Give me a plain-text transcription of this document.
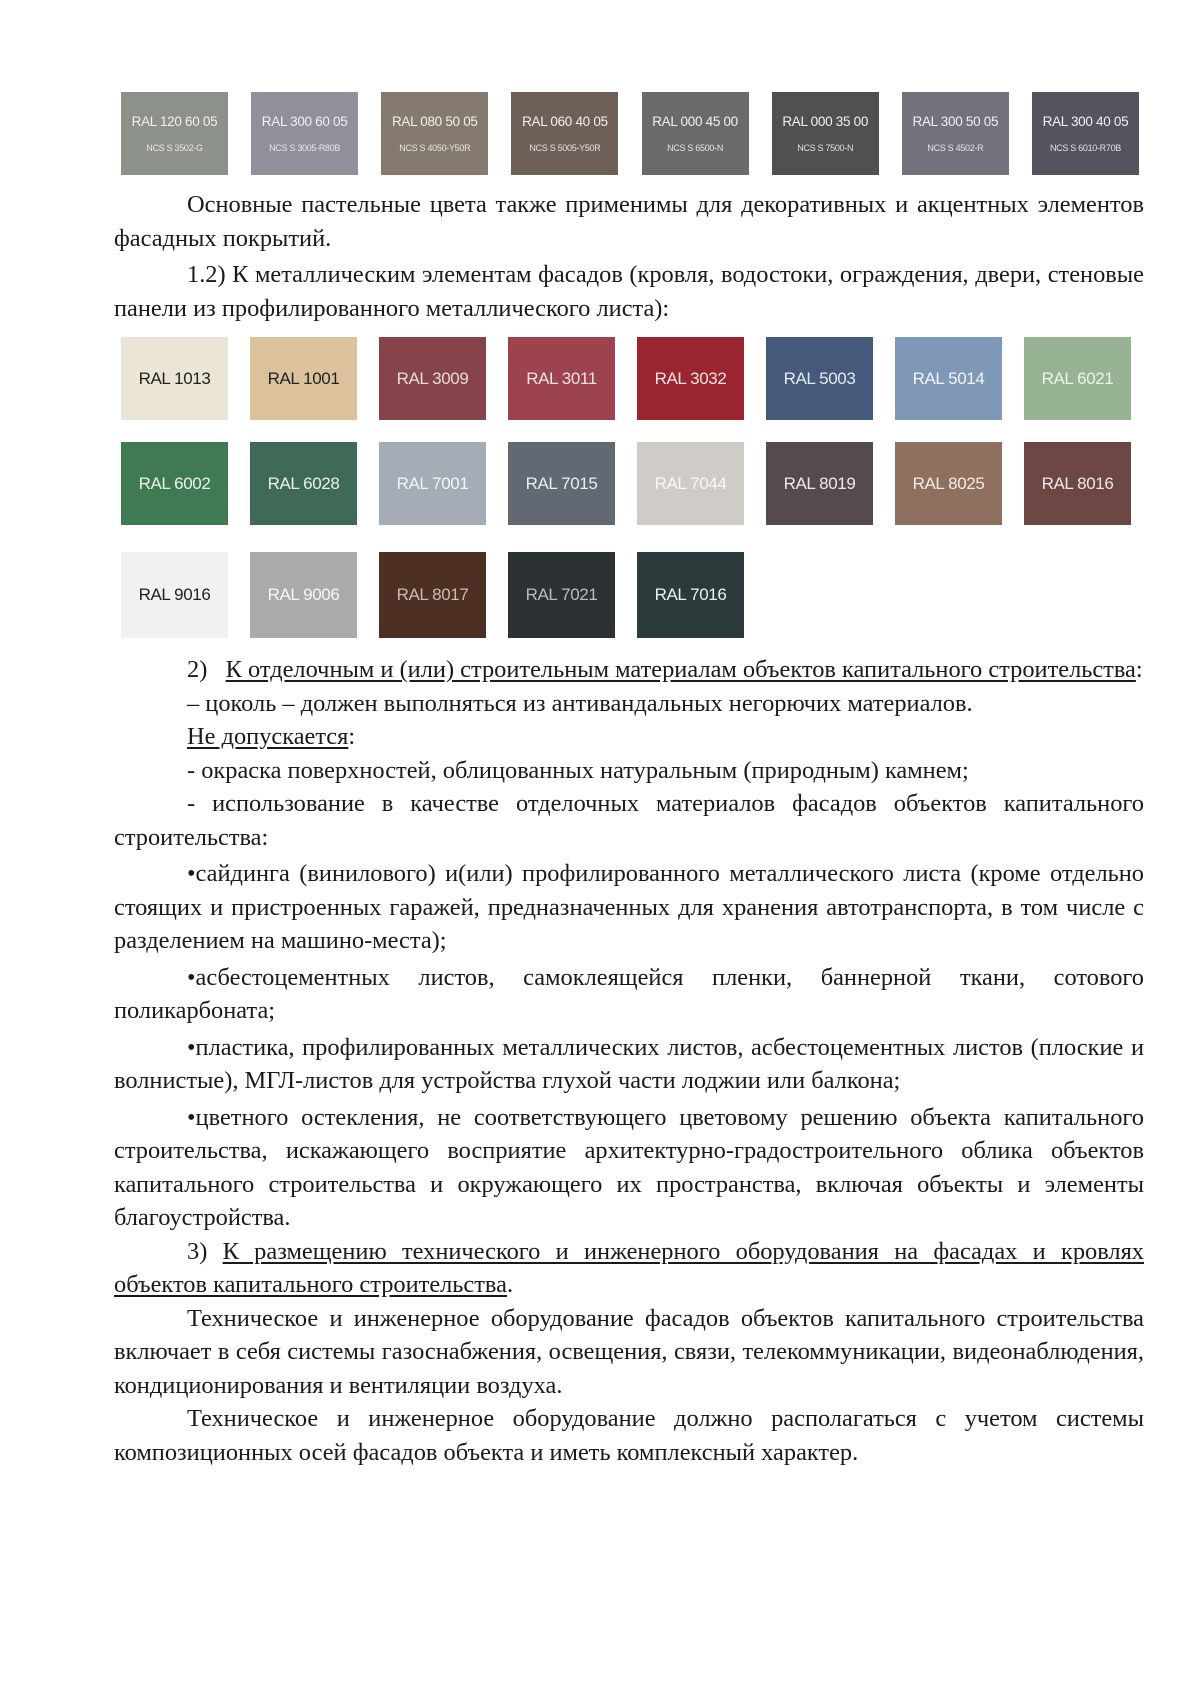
RAL 120 60 05
NCS S 3502-G
RAL 300 60 05
NCS S 3005-R80B
RAL 080 50 05
NCS S 4050-Y50R
RAL 060 40 05
NCS S 5005-Y50R
RAL 000 45 00
NCS S 6500-N
RAL 000 35 00
NCS S 7500-N
RAL 300 50 05
NCS S 4502-R
RAL 300 40 05
NCS S 6010-R70B

Основные пастельные цвета также применимы для декоративных и акцентных элементов фасадных покрытий.

1.2) К металлическим элементам фасадов (кровля, водостоки, ограждения, двери, стеновые панели из профилированного металлического листа):

RAL 1013	RAL 1001	RAL 3009	RAL 3011	RAL 3032	RAL 5003	RAL 5014	RAL 6021
RAL 6002	RAL 6028	RAL 7001	RAL 7015	RAL 7044	RAL 8019	RAL 8025	RAL 8016
RAL 9016	RAL 9006	RAL 8017	RAL 7021	RAL 7016

2) К отделочным и (или) строительным материалам объектов капитального строительства:

– цоколь – должен выполняться из антивандальных негорючих материалов.

Не допускается:

- окраска поверхностей, облицованных натуральным (природным) камнем;

- использование в качестве отделочных материалов фасадов объектов капитального строительства:

•сайдинга (винилового) и(или) профилированного металлического листа (кроме отдельно стоящих и пристроенных гаражей, предназначенных для хранения автотранспорта, в том числе с разделением на машино-места);

•асбестоцементных листов, самоклеящейся пленки, баннерной ткани, сотового поликарбоната;

•пластика, профилированных металлических листов, асбестоцементных листов (плоские и волнистые), МГЛ-листов для устройства глухой части лоджии или балкона;

•цветного остекления, не соответствующего цветовому решению объекта капитального строительства, искажающего восприятие архитектурно-градостроительного облика объектов капитального строительства и окружающего их пространства, включая объекты и элементы благоустройства.

3) К размещению технического и инженерного оборудования на фасадах и кровлях объектов капитального строительства.

Техническое и инженерное оборудование фасадов объектов капитального строительства включает в себя системы газоснабжения, освещения, связи, телекоммуникации, видеонаблюдения, кондиционирования и вентиляции воздуха.

Техническое и инженерное оборудование должно располагаться с учетом системы композиционных осей фасадов объекта и иметь комплексный характер.
